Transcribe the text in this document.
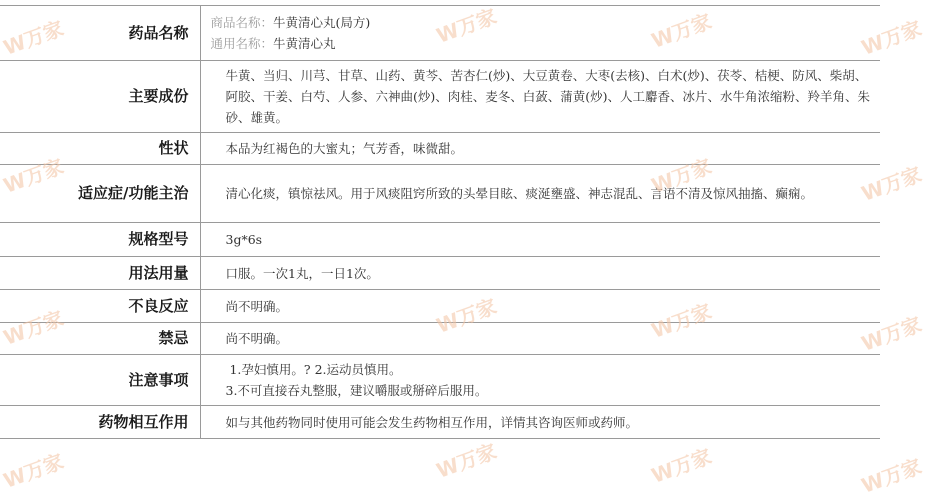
药品名称	商品名称：牛黄清心丸(局方)
通用名称：牛黄清心丸

主要成份	牛黄、当归、川芎、甘草、山药、黄芩、苦杏仁(炒)、大豆黄卷、大枣(去核)、白术(炒)、茯苓、桔梗、防风、柴胡、阿胶、干姜、白芍、人参、六神曲(炒)、肉桂、麦冬、白蔹、蒲黄(炒)、人工麝香、冰片、水牛角浓缩粉、羚羊角、朱砂、雄黄。

性状	本品为红褐色的大蜜丸；气芳香，味微甜。
适应症/功能主治	清心化痰，镇惊祛风。用于风痰阻窍所致的头晕目眩、痰涎壅盛、神志混乱、言语不清及惊风抽搐、癫痫。

规格型号	3g*6s
用法用量	口服。一次1丸，一日1次。
不良反应	尚不明确。
禁忌	尚不明确。
注意事项	1.孕妇慎用。? 2.运动员慎用。
3.不可直接吞丸整服，建议嚼服或掰碎后服用。

药物相互作用	如与其他药物同时使用可能会发生药物相互作用，详情其咨询医师或药师。
W万家	W万家	W万家	W万家
W万家	W万家	W万家
W万家	W万家	W万家	W万家
W万家	W万家	W万家	W万家
